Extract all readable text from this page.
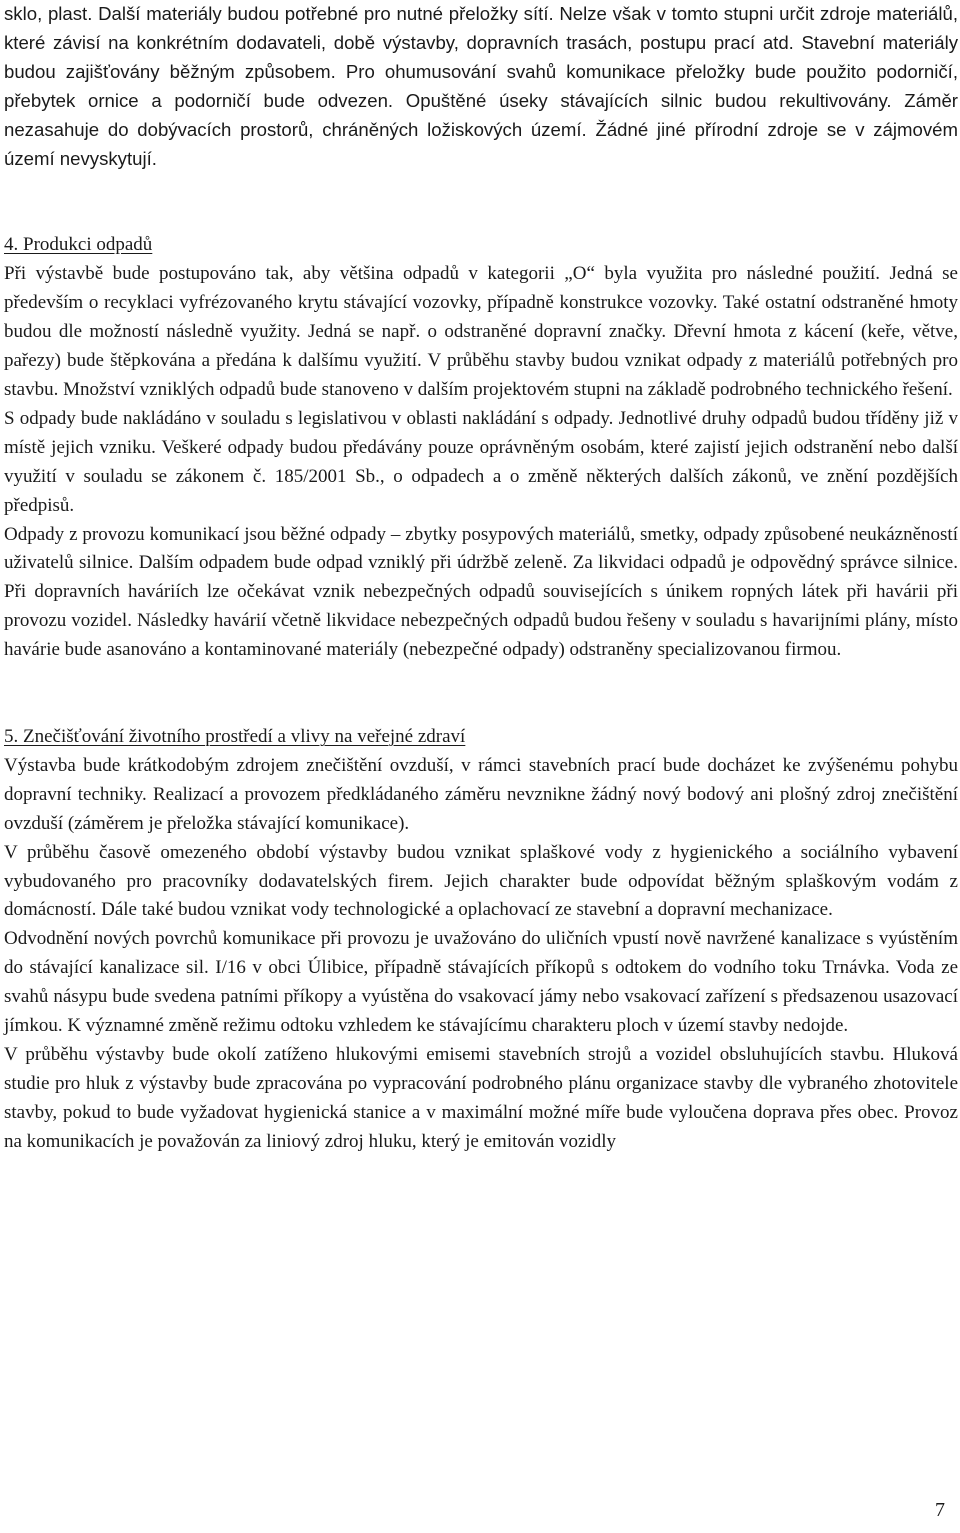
sklo, plast. Další materiály budou potřebné pro nutné přeložky sítí. Nelze však v tomto stupni určit zdroje materiálů, které závisí na konkrétním dodavateli, době výstavby, dopravních trasách, postupu prací atd. Stavební materiály budou zajišťovány běžným způsobem. Pro ohumusování svahů komunikace přeložky bude použito podorničí, přebytek ornice a podorničí bude odvezen. Opuštěné úseky stávajících silnic budou rekultivovány. Záměr nezasahuje do dobývacích prostorů, chráněných ložiskových území. Žádné jiné přírodní zdroje se v zájmovém území nevyskytují.

4. Produkci odpadů

Při výstavbě bude postupováno tak, aby většina odpadů v kategorii „O“ byla využita pro následné použití. Jedná se především o recyklaci vyfrézovaného krytu stávající vozovky, případně konstrukce vozovky. Také ostatní odstraněné hmoty budou dle možností následně využity. Jedná se např. o odstraněné dopravní značky. Dřevní hmota z kácení (keře, větve, pařezy) bude štěpkována a předána k dalšímu využití. V průběhu stavby budou vznikat odpady z materiálů potřebných pro stavbu. Množství vzniklých odpadů bude stanoveno v dalším projektovém stupni na základě podrobného technického řešení.

S odpady bude nakládáno v souladu s legislativou v oblasti nakládání s odpady. Jednotlivé druhy odpadů budou tříděny již v místě jejich vzniku. Veškeré odpady budou předávány pouze oprávněným osobám, které zajistí jejich odstranění nebo další využití v souladu se zákonem č. 185/2001 Sb., o odpadech a o změně některých dalších zákonů, ve znění pozdějších předpisů.

Odpady z provozu komunikací jsou běžné odpady – zbytky posypových materiálů, smetky, odpady způsobené neukázněností uživatelů silnice. Dalším odpadem bude odpad vzniklý při údržbě zeleně. Za likvidaci odpadů je odpovědný správce silnice. Při dopravních haváriích lze očekávat vznik nebezpečných odpadů souvisejících s únikem ropných látek při havárii při provozu vozidel. Následky havárií včetně likvidace nebezpečných odpadů budou řešeny v souladu s havarijními plány, místo havárie bude asanováno a kontaminované materiály (nebezpečné odpady) odstraněny specializovanou firmou.

5. Znečišťování životního prostředí a vlivy na veřejné zdraví

Výstavba bude krátkodobým zdrojem znečištění ovzduší, v rámci stavebních prací bude docházet ke zvýšenému pohybu dopravní techniky. Realizací a provozem předkládaného záměru nevznikne žádný nový bodový ani plošný zdroj znečištění ovzduší (záměrem je přeložka stávající komunikace).

V průběhu časově omezeného období výstavby budou vznikat splaškové vody z hygienického a sociálního vybavení vybudovaného pro pracovníky dodavatelských firem. Jejich charakter bude odpovídat běžným splaškovým vodám z domácností. Dále také budou vznikat vody technologické a oplachovací ze stavební a dopravní mechanizace.

Odvodnění nových povrchů komunikace při provozu je uvažováno do uličních vpustí nově navržené kanalizace s vyústěním do stávající kanalizace sil. I/16 v obci Úlibice, případně stávajících příkopů s odtokem do vodního toku Trnávka. Voda ze svahů násypu bude svedena patními příkopy a vyústěna do vsakovací jámy nebo vsakovací zařízení s předsazenou usazovací jímkou. K významné změně režimu odtoku vzhledem ke stávajícímu charakteru ploch v území stavby nedojde.

V průběhu výstavby bude okolí zatíženo hlukovými emisemi stavebních strojů a vozidel obsluhujících stavbu. Hluková studie pro hluk z výstavby bude zpracována po vypracování podrobného plánu organizace stavby dle vybraného zhotovitele stavby, pokud to bude vyžadovat hygienická stanice a v maximální možné míře bude vyloučena doprava přes obec. Provoz na komunikacích je považován za liniový zdroj hluku, který je emitován vozidly

7
